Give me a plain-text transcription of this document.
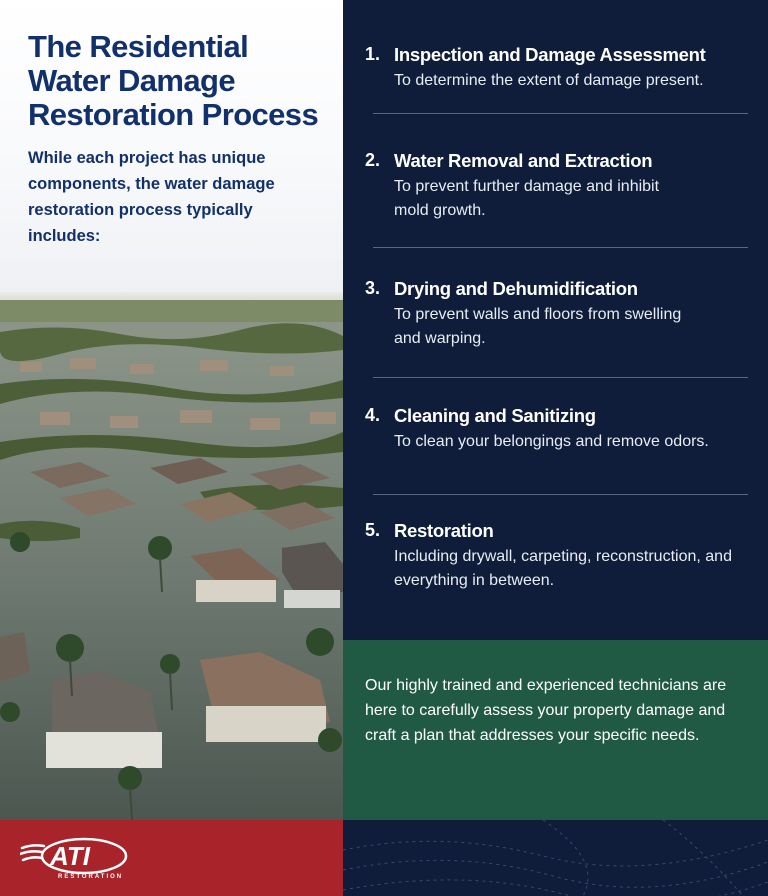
The Residential Water Damage Restoration Process

While each project has unique components, the water damage restoration process typically includes:

ATI
RESTORATION
1. Inspection and Damage Assessment

To determine the extent of damage present.

2. Water Removal and Extraction

To prevent further damage and inhibit mold growth.

3. Drying and Dehumidification

To prevent walls and floors from swelling and warping.

4. Cleaning and Sanitizing

To clean your belongings and remove odors.

5. Restoration

Including drywall, carpeting, reconstruction, and everything in between.

Our highly trained and experienced technicians are here to carefully assess your property damage and craft a plan that addresses your specific needs.
